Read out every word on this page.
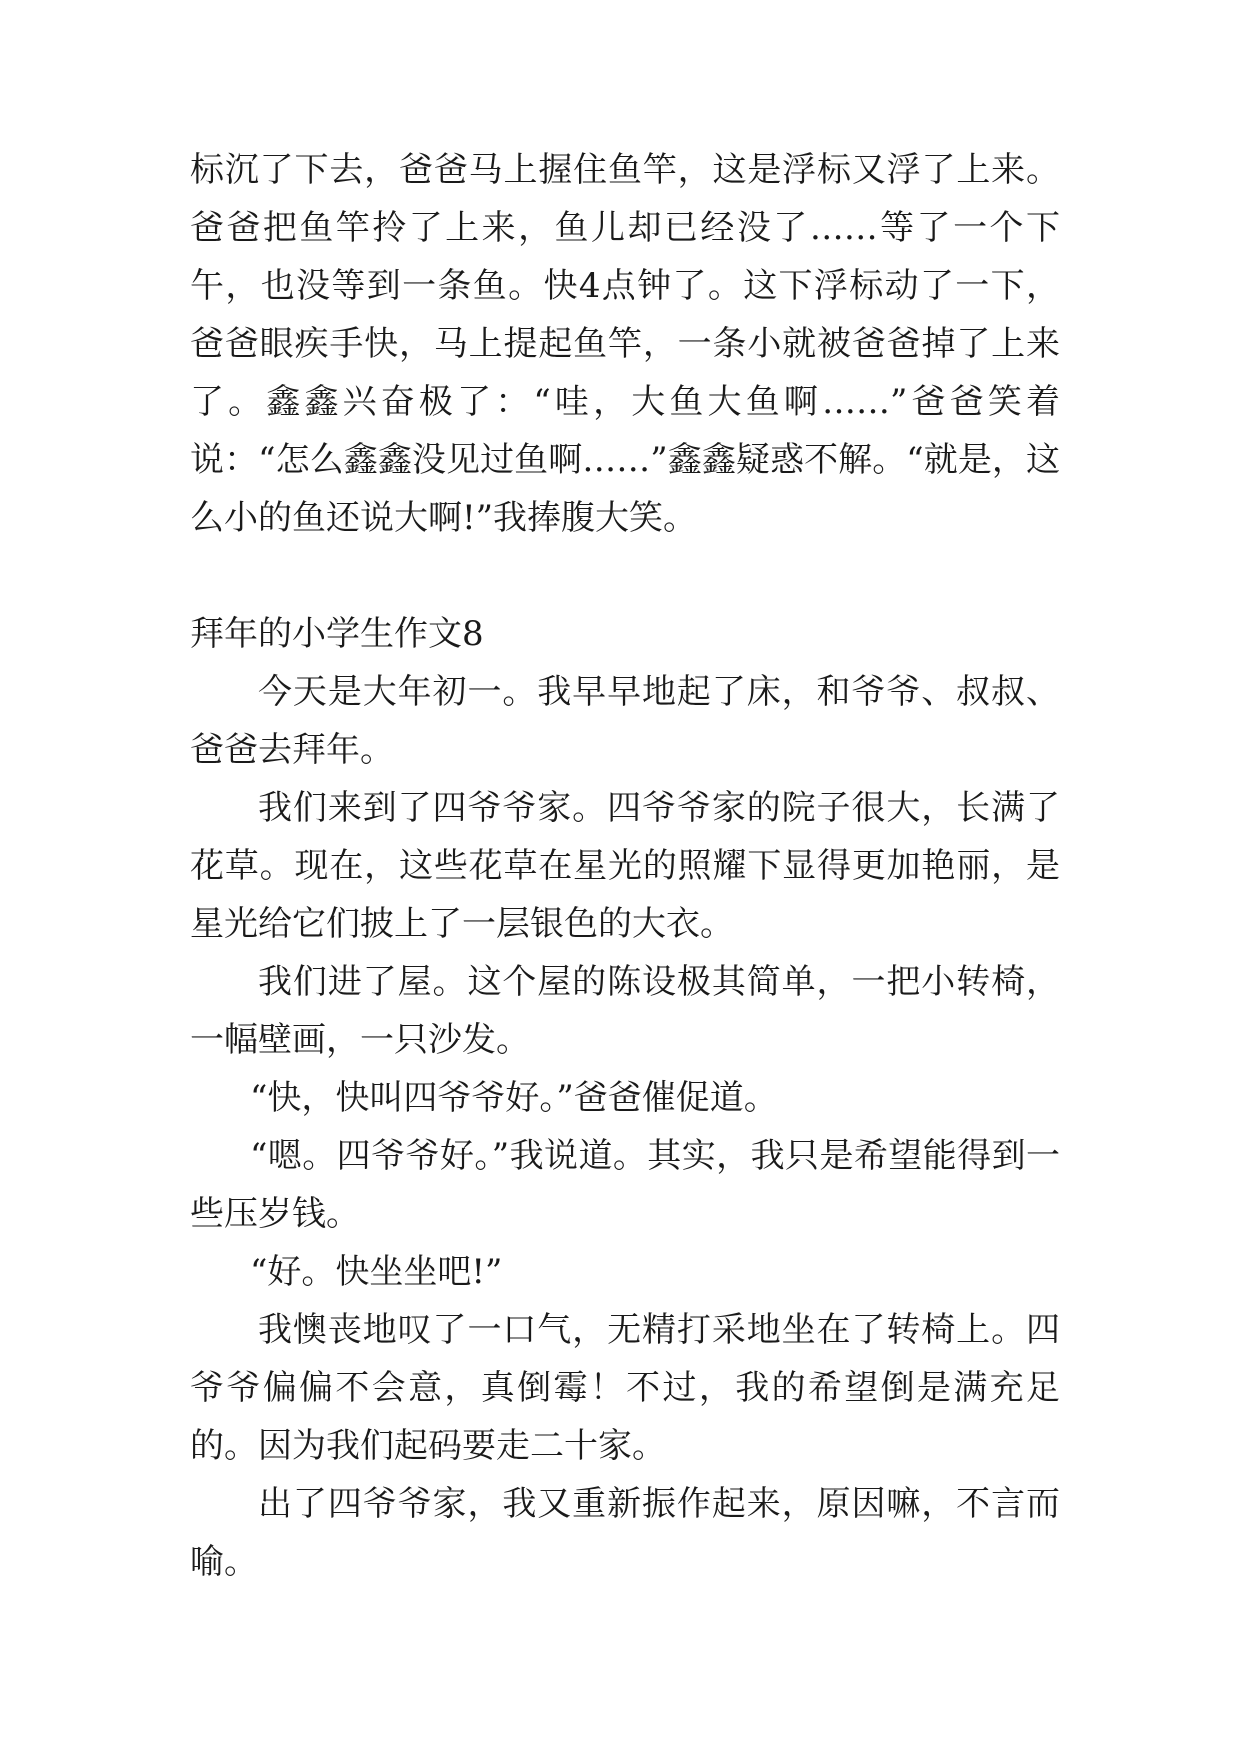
标沉了下去，爸爸马上握住鱼竿，这是浮标又浮了上来。爸爸把鱼竿拎了上来，鱼儿却已经没了……等了一个下午，也没等到一条鱼。快4点钟了。这下浮标动了一下，爸爸眼疾手快，马上提起鱼竿，一条小就被爸爸掉了上来了。鑫鑫兴奋极了：“哇，大鱼大鱼啊……”爸爸笑着说：“怎么鑫鑫没见过鱼啊……”鑫鑫疑惑不解。“就是，这么小的鱼还说大啊!”我捧腹大笑。

拜年的小学生作文8

今天是大年初一。我早早地起了床，和爷爷、叔叔、爸爸去拜年。

我们来到了四爷爷家。四爷爷家的院子很大，长满了花草。现在，这些花草在星光的照耀下显得更加艳丽，是星光给它们披上了一层银色的大衣。

我们进了屋。这个屋的陈设极其简单，一把小转椅，一幅壁画，一只沙发。

“快，快叫四爷爷好。”爸爸催促道。

“嗯。四爷爷好。”我说道。其实，我只是希望能得到一些压岁钱。

“好。快坐坐吧!”

我懊丧地叹了一口气，无精打采地坐在了转椅上。四爷爷偏偏不会意，真倒霉！不过，我的希望倒是满充足的。因为我们起码要走二十家。

出了四爷爷家，我又重新振作起来，原因嘛，不言而喻。
